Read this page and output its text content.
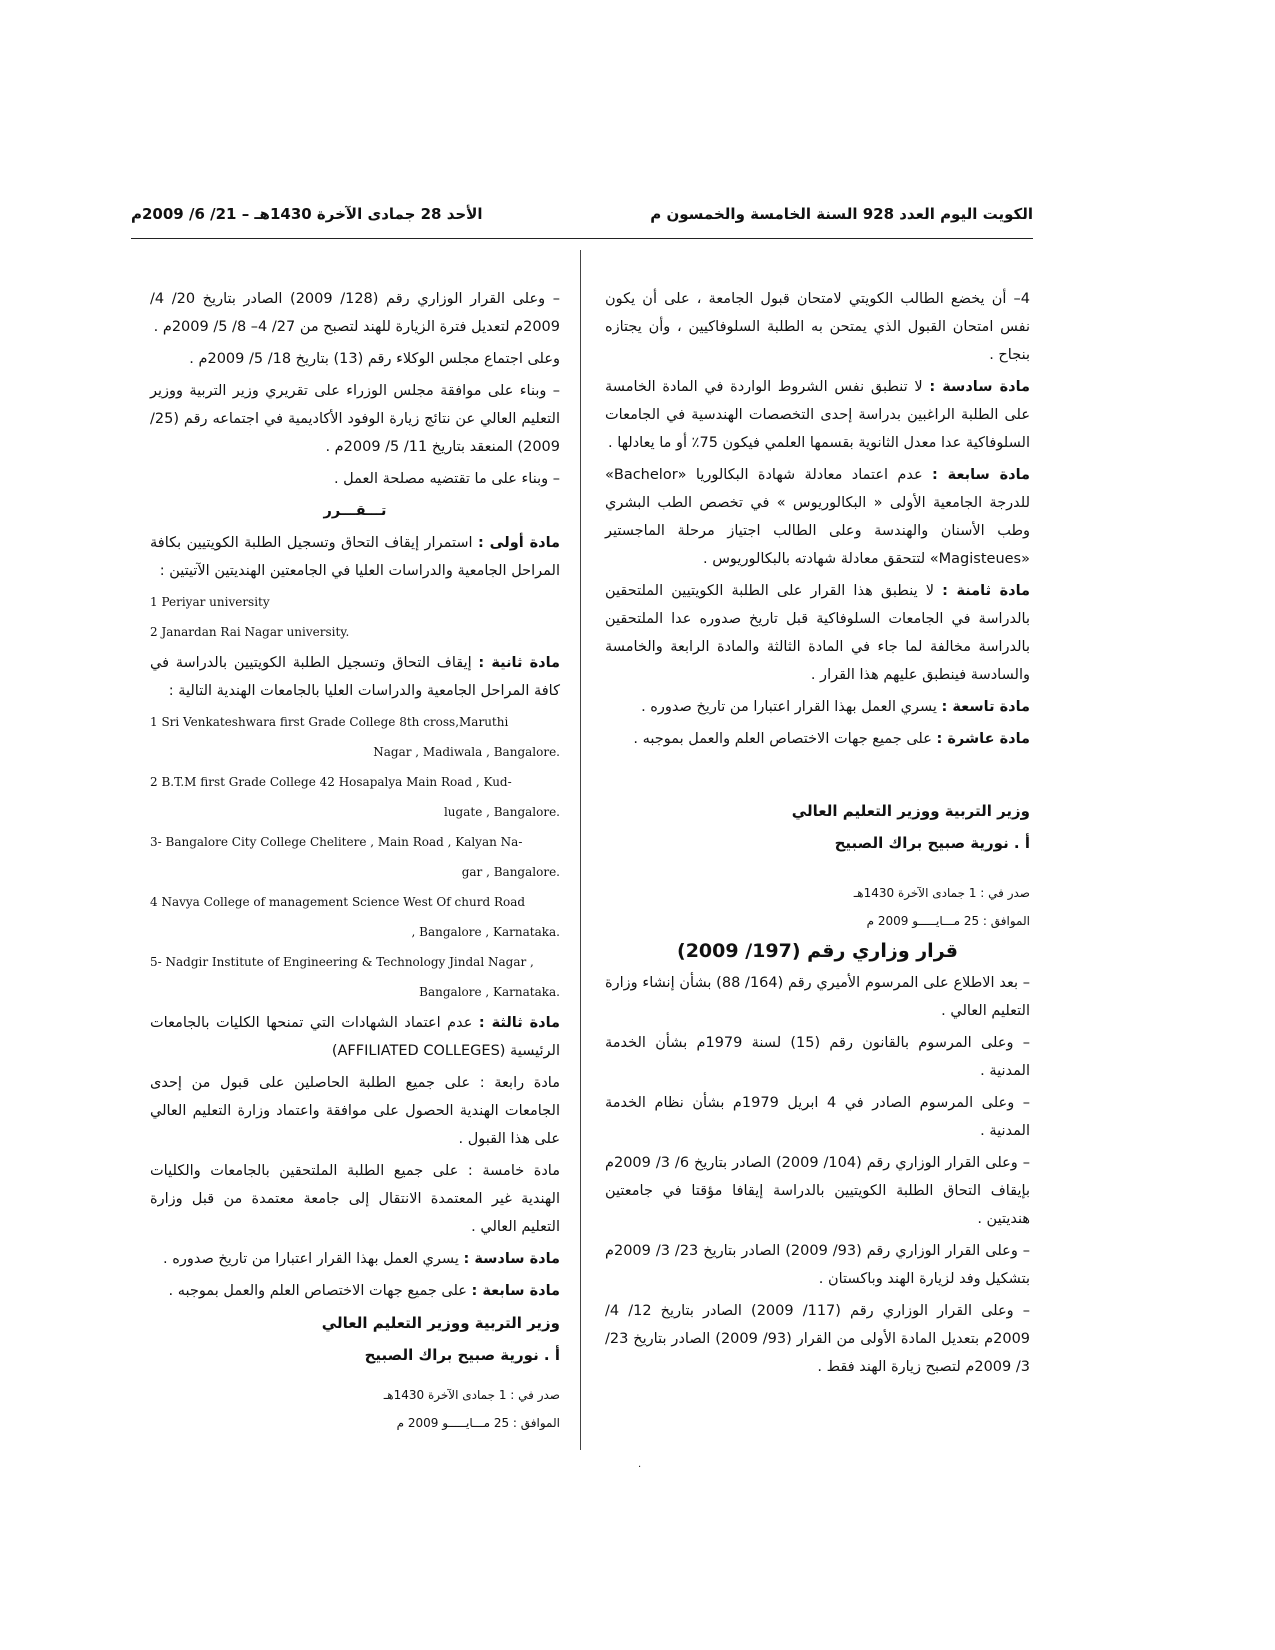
الكويت اليوم العدد 928 السنة الخامسة والخمسون م
الأحد 28 جمادى الآخرة 1430هـ – 21/ 6/ 2009م

4– أن يخضع الطالب الكويتي لامتحان قبول الجامعة ، على أن يكون نفس امتحان القبول الذي يمتحن به الطلبة السلوفاكيين ، وأن يجتازه بنجاح .

مادة سادسة : لا تنطبق نفس الشروط الواردة في المادة الخامسة على الطلبة الراغبين بدراسة إحدى التخصصات الهندسية في الجامعات السلوفاكية عدا معدل الثانوية بقسمها العلمي فيكون 75٪ أو ما يعادلها .

مادة سابعة : عدم اعتماد معادلة شهادة البكالوريا «Bachelor» للدرجة الجامعية الأولى « البكالوريوس » في تخصص الطب البشري وطب الأسنان والهندسة وعلى الطالب اجتياز مرحلة الماجستير «Magisteues» لتتحقق معادلة شهادته بالبكالوريوس .

مادة ثامنة : لا ينطبق هذا القرار على الطلبة الكويتيين الملتحقين بالدراسة في الجامعات السلوفاكية قبل تاريخ صدوره عدا الملتحقين بالدراسة مخالفة لما جاء في المادة الثالثة والمادة الرابعة والخامسة والسادسة فينطبق عليهم هذا القرار .

مادة تاسعة : يسري العمل بهذا القرار اعتبارا من تاريخ صدوره .

مادة عاشرة : على جميع جهات الاختصاص العلم والعمل بموجبه .

وزير التربية ووزير التعليم العالي

أ . نورية صبيح براك الصبيح

صدر في : 1 جمادى الآخرة 1430هـ

الموافق : 25 مـــايـــــو 2009 م

قرار وزاري رقم (197/ 2009)

– بعد الاطلاع على المرسوم الأميري رقم (164/ 88) بشأن إنشاء وزارة التعليم العالي .

– وعلى المرسوم بالقانون رقم (15) لسنة 1979م بشأن الخدمة المدنية .

– وعلى المرسوم الصادر في 4 ابريل 1979م بشأن نظام الخدمة المدنية .

– وعلى القرار الوزاري رقم (104/ 2009) الصادر بتاريخ 6/ 3/ 2009م بإيقاف التحاق الطلبة الكويتيين بالدراسة إيقافا مؤقتا في جامعتين هنديتين .

– وعلى القرار الوزاري رقم (93/ 2009) الصادر بتاريخ 23/ 3/ 2009م بتشكيل وفد لزيارة الهند وباكستان .

– وعلى القرار الوزاري رقم (117/ 2009) الصادر بتاريخ 12/ 4/ 2009م بتعديل المادة الأولى من القرار (93/ 2009) الصادر بتاريخ 23/ 3/ 2009م لتصبح زيارة الهند فقط .

– وعلى القرار الوزاري رقم (128/ 2009) الصادر بتاريخ 20/ 4/ 2009م لتعديل فترة الزيارة للهند لتصبح من 27/ 4– 8/ 5/ 2009م .

وعلى اجتماع مجلس الوكلاء رقم (13) بتاريخ 18/ 5/ 2009م .

– وبناء على موافقة مجلس الوزراء على تقريري وزير التربية ووزير التعليم العالي عن نتائج زيارة الوفود الأكاديمية في اجتماعه رقم (25/ 2009) المنعقد بتاريخ 11/ 5/ 2009م .

– وبناء على ما تقتضيه مصلحة العمل .

تـــقـــرر

مادة أولى : استمرار إيقاف التحاق وتسجيل الطلبة الكويتيين بكافة المراحل الجامعية والدراسات العليا في الجامعتين الهنديتين الآتيتين :

1 Periyar university

2 Janardan Rai Nagar university.

مادة ثانية : إيقاف التحاق وتسجيل الطلبة الكويتيين بالدراسة في كافة المراحل الجامعية والدراسات العليا بالجامعات الهندية التالية :

1 Sri Venkateshwara first Grade College 8th cross,Maruthi

Nagar , Madiwala , Bangalore.

2 B.T.M first Grade College 42 Hosapalya Main Road , Kud-

lugate , Bangalore.

3- Bangalore City College Chelitere , Main Road , Kalyan Na-

gar , Bangalore.

4 Navya College of management Science West Of churd Road

, Bangalore , Karnataka.

5- Nadgir Institute of Engineering & Technology Jindal Nagar ,

Bangalore , Karnataka.

مادة ثالثة : عدم اعتماد الشهادات التي تمنحها الكليات بالجامعات الرئيسية (AFFILIATED COLLEGES)

مادة رابعة : على جميع الطلبة الحاصلين على قبول من إحدى الجامعات الهندية الحصول على موافقة واعتماد وزارة التعليم العالي على هذا القبول .

مادة خامسة : على جميع الطلبة الملتحقين بالجامعات والكليات الهندية غير المعتمدة الانتقال إلى جامعة معتمدة من قبل وزارة التعليم العالي .

مادة سادسة : يسري العمل بهذا القرار اعتبارا من تاريخ صدوره .

مادة سابعة : على جميع جهات الاختصاص العلم والعمل بموجبه .

وزير التربية ووزير التعليم العالي

أ . نورية صبيح براك الصبيح

صدر في : 1 جمادى الآخرة 1430هـ

الموافق : 25 مـــايـــــو 2009 م

·
